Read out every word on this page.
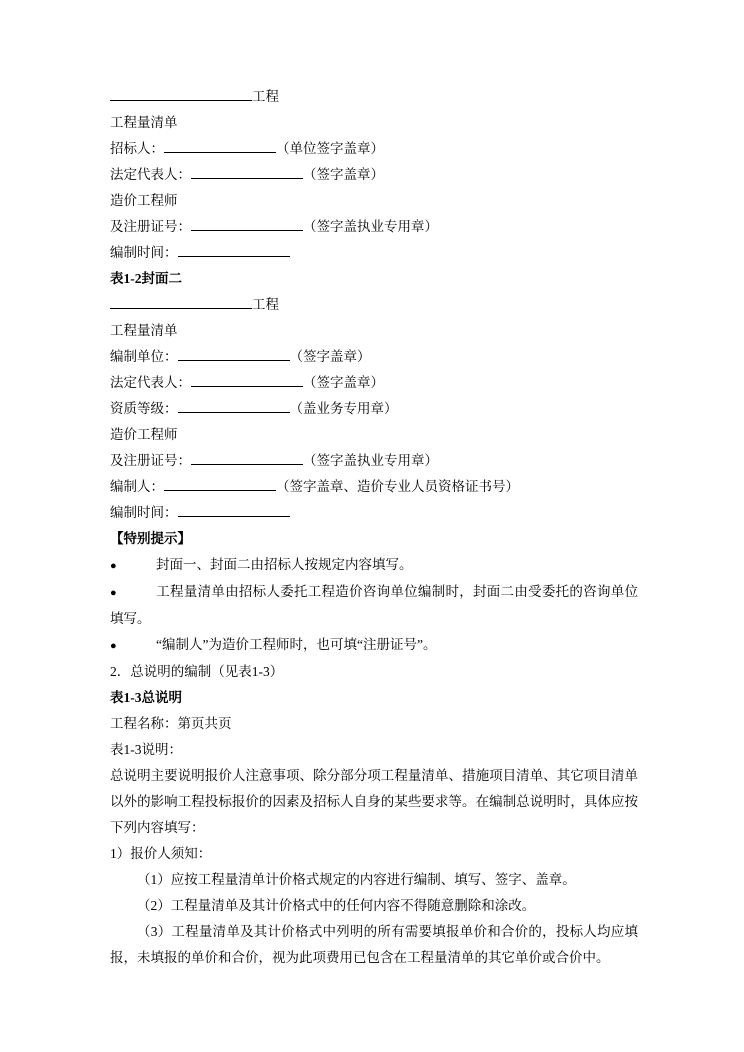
工程

工程量清单

招标人：	（单位签字盖章）

法定代表人：	（签字盖章）

造价工程师

及注册证号：	（签字盖执业专用章）

编制时间：

表1-2封面二

工程

工程量清单

编制单位：	（签字盖章）

法定代表人：	（签字盖章）

资质等级：	（盖业务专用章）

造价工程师

及注册证号：	（签字盖执业专用章）

编制人：	（签字盖章、造价专业人员资格证书号）

编制时间：

【特别提示】

●	封面一、封面二由招标人按规定内容填写。

●	工程量清单由招标人委托工程造价咨询单位编制时，封面二由受委托的咨询单位填写。

●	“编制人”为造价工程师时，也可填“注册证号”。

2．总说明的编制（见表1-3）

表1-3总说明

工程名称：第页共页

表1-3说明：

总说明主要说明报价人注意事项、除分部分项工程量清单、措施项目清单、其它项目清单以外的影响工程投标报价的因素及招标人自身的某些要求等。在编制总说明时，具体应按下列内容填写：

1）报价人须知：

（1）应按工程量清单计价格式规定的内容进行编制、填写、签字、盖章。

（2）工程量清单及其计价格式中的任何内容不得随意删除和涂改。

（3）工程量清单及其计价格式中列明的所有需要填报单价和合价的，投标人均应填报，未填报的单价和合价，视为此项费用已包含在工程量清单的其它单价或合价中。
